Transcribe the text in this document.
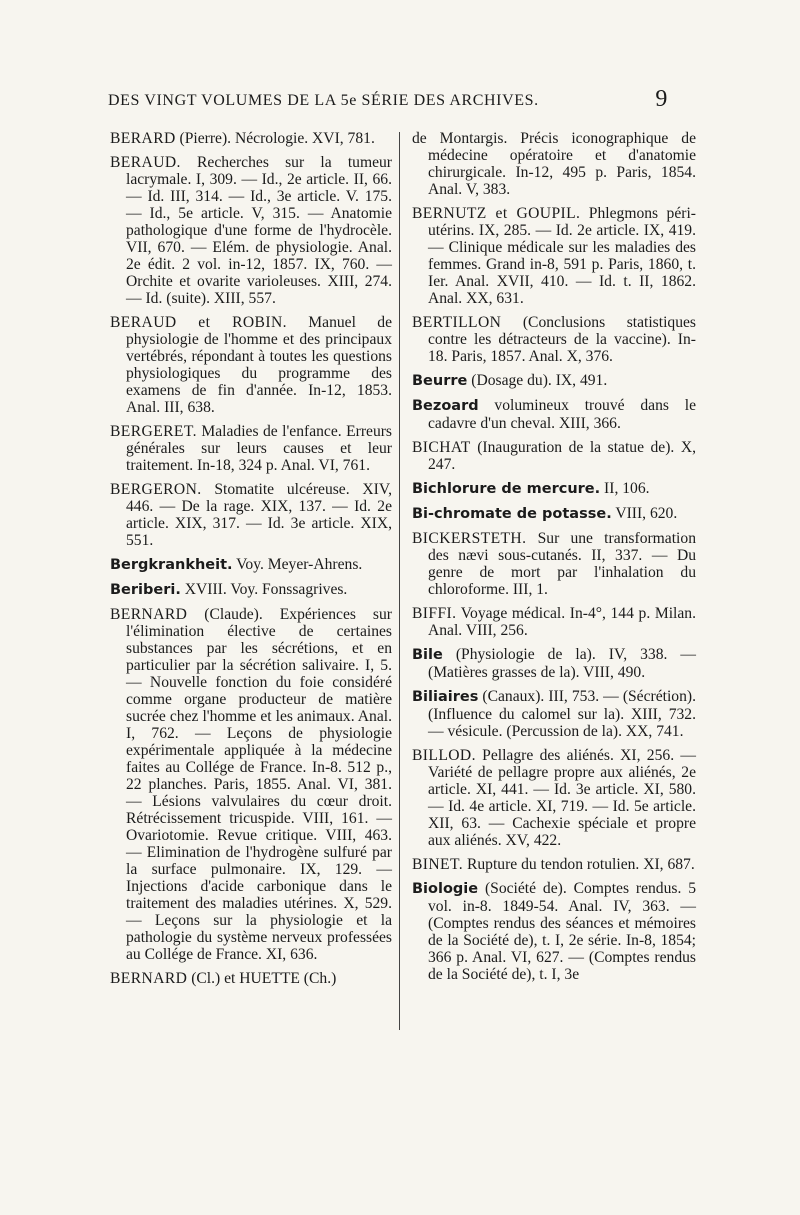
DES VINGT VOLUMES DE LA 5e SÉRIE DES ARCHIVES.	9
BERARD (Pierre). Nécrologie. XVI, 781.
BERAUD. Recherches sur la tumeur lacrymale. I, 309. — Id., 2e article. II, 66. — Id. III, 314. — Id., 3e article. V. 175. — Id., 5e article. V, 315. — Anatomie pathologique d'une forme de l'hydrocèle. VII, 670. — Elém. de physiologie. Anal. 2e édit. 2 vol. in-12, 1857. IX, 760. — Orchite et ovarite varioleuses. XIII, 274. — Id. (suite). XIII, 557.
BERAUD et ROBIN. Manuel de physiologie de l'homme et des principaux vertébrés, répondant à toutes les questions physiologiques du programme des examens de fin d'année. In-12, 1853. Anal. III, 638.
BERGERET. Maladies de l'enfance. Erreurs générales sur leurs causes et leur traitement. In-18, 324 p. Anal. VI, 761.
BERGERON. Stomatite ulcéreuse. XIV, 446. — De la rage. XIX, 137. — Id. 2e article. XIX, 317. — Id. 3e article. XIX, 551.
Bergkrankheit. Voy. Meyer-Ahrens.
Beriberi. XVIII. Voy. Fonssagrives.
BERNARD (Claude). Expériences sur l'élimination élective de certaines substances par les sécrétions, et en particulier par la sécrétion salivaire. I, 5. — Nouvelle fonction du foie considéré comme organe producteur de matière sucrée chez l'homme et les animaux. Anal. I, 762. — Leçons de physiologie expérimentale appliquée à la médecine faites au Collége de France. In-8. 512 p., 22 planches. Paris, 1855. Anal. VI, 381. — Lésions valvulaires du cœur droit. Rétrécissement tricuspide. VIII, 161. — Ovariotomie. Revue critique. VIII, 463. — Elimination de l'hydrogène sulfuré par la surface pulmonaire. IX, 129. — Injections d'acide carbonique dans le traitement des maladies utérines. X, 529. — Leçons sur la physiologie et la pathologie du système nerveux professées au Collége de France. XI, 636.
BERNARD (Cl.) et HUETTE (Ch.)
de Montargis. Précis iconographique de médecine opératoire et d'anatomie chirurgicale. In-12, 495 p. Paris, 1854. Anal. V, 383.
BERNUTZ et GOUPIL. Phlegmons péri-utérins. IX, 285. — Id. 2e article. IX, 419. — Clinique médicale sur les maladies des femmes. Grand in-8, 591 p. Paris, 1860, t. Ier. Anal. XVII, 410. — Id. t. II, 1862. Anal. XX, 631.
BERTILLON (Conclusions statistiques contre les détracteurs de la vaccine). In-18. Paris, 1857. Anal. X, 376.
Beurre (Dosage du). IX, 491.
Bezoard volumineux trouvé dans le cadavre d'un cheval. XIII, 366.
BICHAT (Inauguration de la statue de). X, 247.
Bichlorure de mercure. II, 106.
Bi-chromate de potasse. VIII, 620.
BICKERSTETH. Sur une transformation des nævi sous-cutanés. II, 337. — Du genre de mort par l'inhalation du chloroforme. III, 1.
BIFFI. Voyage médical. In-4°, 144 p. Milan. Anal. VIII, 256.
Bile (Physiologie de la). IV, 338. — (Matières grasses de la). VIII, 490.
Biliaires (Canaux). III, 753. — (Sécrétion). (Influence du calomel sur la). XIII, 732. — vésicule. (Percussion de la). XX, 741.
BILLOD. Pellagre des aliénés. XI, 256. — Variété de pellagre propre aux aliénés, 2e article. XI, 441. — Id. 3e article. XI, 580. — Id. 4e article. XI, 719. — Id. 5e article. XII, 63. — Cachexie spéciale et propre aux aliénés. XV, 422.
BINET. Rupture du tendon rotulien. XI, 687.
Biologie (Société de). Comptes rendus. 5 vol. in-8. 1849-54. Anal. IV, 363. — (Comptes rendus des séances et mémoires de la Société de), t. I, 2e série. In-8, 1854; 366 p. Anal. VI, 627. — (Comptes rendus de la Société de), t. I, 3e
